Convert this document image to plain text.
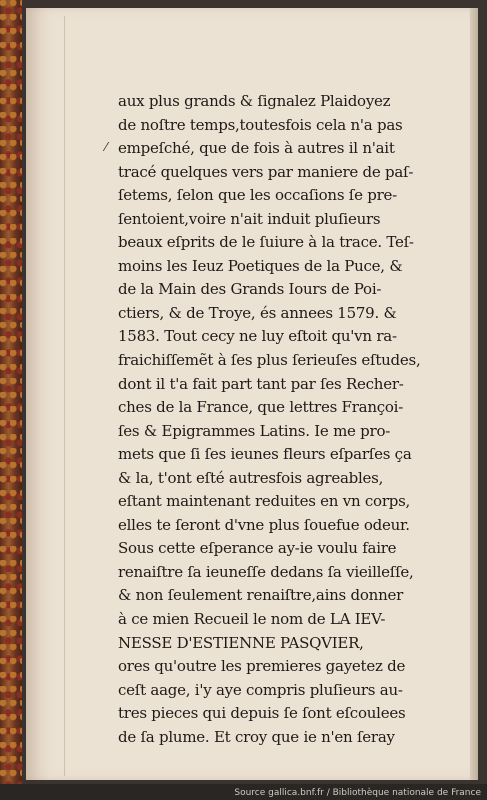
⁄
aux plus grands & ſignalez Plaidoyez
de noſtre temps,toutesfois cela n'a pas
empeſché, que de fois à autres il n'ait
tracé quelques vers par maniere de paſ-
ſetems, ſelon que les occaſions ſe pre-
ſentoient,voire n'ait induit pluſieurs
beaux eſprits de le ſuiure à la trace. Teſ-
moins les Ieuz Poetiques de la Puce, &
de la Main des Grands Iours de Poi-
ctiers, & de Troye, és annees 1579. &
1583. Tout cecy ne luy eſtoit qu'vn ra-
fraichiſſemẽt à ſes plus ſerieuſes eſtudes,
dont il t'a fait part tant par ſes Recher-
ches de la France, que lettres Françoi-
ſes & Epigrammes Latins. Ie me pro-
mets que ſi ſes ieunes fleurs eſparſes ça
& la, t'ont eſté autresfois agreables,
eſtant maintenant reduites en vn corps,
elles te ſeront d'vne plus ſouefue odeur.
Sous cette eſperance ay-ie voulu faire
renaiſtre ſa ieuneſſe dedans ſa vieilleſſe,
& non ſeulement renaiſtre,ains donner
à ce mien Recueil le nom de LA IEV-
NESSE D'ESTIENNE PASQVIER,
ores qu'outre les premieres gayetez de
ceſt aage, i'y aye compris pluſieurs au-
tres pieces qui depuis ſe ſont eſcoulees
de ſa plume. Et croy que ie n'en ſeray
Source gallica.bnf.fr / Bibliothèque nationale de France
